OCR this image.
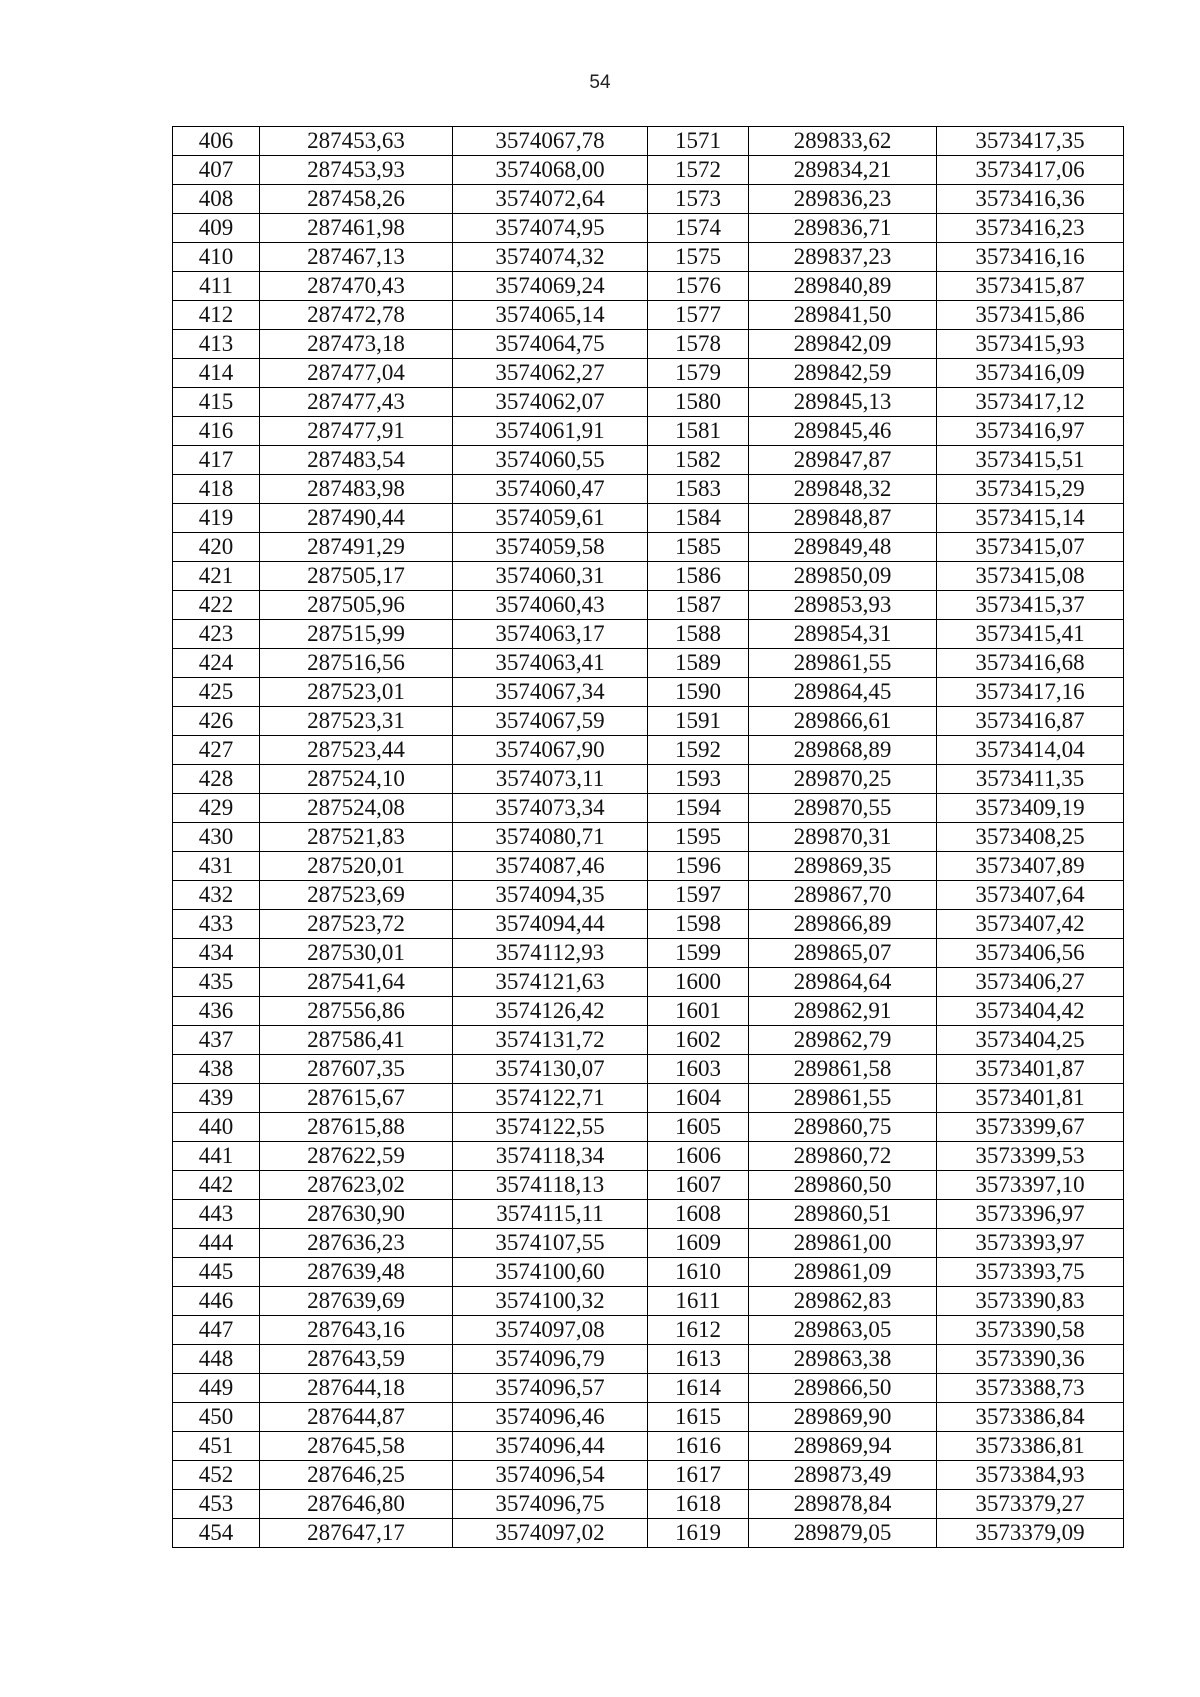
54
406	287453,63	3574067,78	1571	289833,62	3573417,35
407	287453,93	3574068,00	1572	289834,21	3573417,06
408	287458,26	3574072,64	1573	289836,23	3573416,36
409	287461,98	3574074,95	1574	289836,71	3573416,23
410	287467,13	3574074,32	1575	289837,23	3573416,16
411	287470,43	3574069,24	1576	289840,89	3573415,87
412	287472,78	3574065,14	1577	289841,50	3573415,86
413	287473,18	3574064,75	1578	289842,09	3573415,93
414	287477,04	3574062,27	1579	289842,59	3573416,09
415	287477,43	3574062,07	1580	289845,13	3573417,12
416	287477,91	3574061,91	1581	289845,46	3573416,97
417	287483,54	3574060,55	1582	289847,87	3573415,51
418	287483,98	3574060,47	1583	289848,32	3573415,29
419	287490,44	3574059,61	1584	289848,87	3573415,14
420	287491,29	3574059,58	1585	289849,48	3573415,07
421	287505,17	3574060,31	1586	289850,09	3573415,08
422	287505,96	3574060,43	1587	289853,93	3573415,37
423	287515,99	3574063,17	1588	289854,31	3573415,41
424	287516,56	3574063,41	1589	289861,55	3573416,68
425	287523,01	3574067,34	1590	289864,45	3573417,16
426	287523,31	3574067,59	1591	289866,61	3573416,87
427	287523,44	3574067,90	1592	289868,89	3573414,04
428	287524,10	3574073,11	1593	289870,25	3573411,35
429	287524,08	3574073,34	1594	289870,55	3573409,19
430	287521,83	3574080,71	1595	289870,31	3573408,25
431	287520,01	3574087,46	1596	289869,35	3573407,89
432	287523,69	3574094,35	1597	289867,70	3573407,64
433	287523,72	3574094,44	1598	289866,89	3573407,42
434	287530,01	3574112,93	1599	289865,07	3573406,56
435	287541,64	3574121,63	1600	289864,64	3573406,27
436	287556,86	3574126,42	1601	289862,91	3573404,42
437	287586,41	3574131,72	1602	289862,79	3573404,25
438	287607,35	3574130,07	1603	289861,58	3573401,87
439	287615,67	3574122,71	1604	289861,55	3573401,81
440	287615,88	3574122,55	1605	289860,75	3573399,67
441	287622,59	3574118,34	1606	289860,72	3573399,53
442	287623,02	3574118,13	1607	289860,50	3573397,10
443	287630,90	3574115,11	1608	289860,51	3573396,97
444	287636,23	3574107,55	1609	289861,00	3573393,97
445	287639,48	3574100,60	1610	289861,09	3573393,75
446	287639,69	3574100,32	1611	289862,83	3573390,83
447	287643,16	3574097,08	1612	289863,05	3573390,58
448	287643,59	3574096,79	1613	289863,38	3573390,36
449	287644,18	3574096,57	1614	289866,50	3573388,73
450	287644,87	3574096,46	1615	289869,90	3573386,84
451	287645,58	3574096,44	1616	289869,94	3573386,81
452	287646,25	3574096,54	1617	289873,49	3573384,93
453	287646,80	3574096,75	1618	289878,84	3573379,27
454	287647,17	3574097,02	1619	289879,05	3573379,09
